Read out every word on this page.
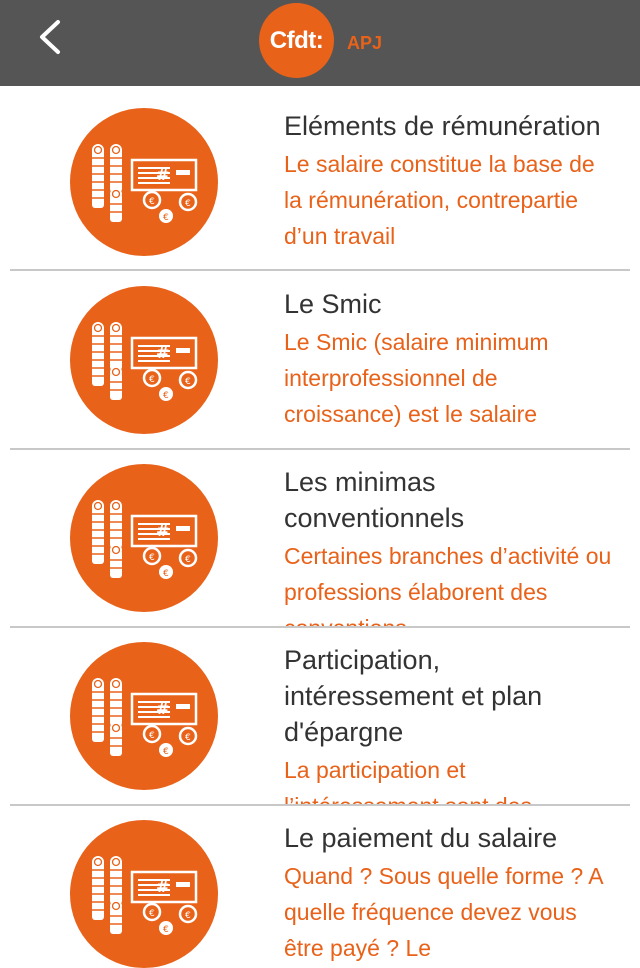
Cfdt:	APJ

Eléments de rémunération

Le salaire constitue la base de la rémunération, contrepartie d’un travail

Le Smic

Le Smic (salaire minimum interprofessionnel de croissance) est le salaire

Les minimas conventionnels

Certaines branches d’activité ou professions élaborent des

Participation, intéressement et plan d'épargne

La participation et

Le paiement du salaire

Quand ? Sous quelle forme ? A quelle fréquence devez vous être payé ? Le
